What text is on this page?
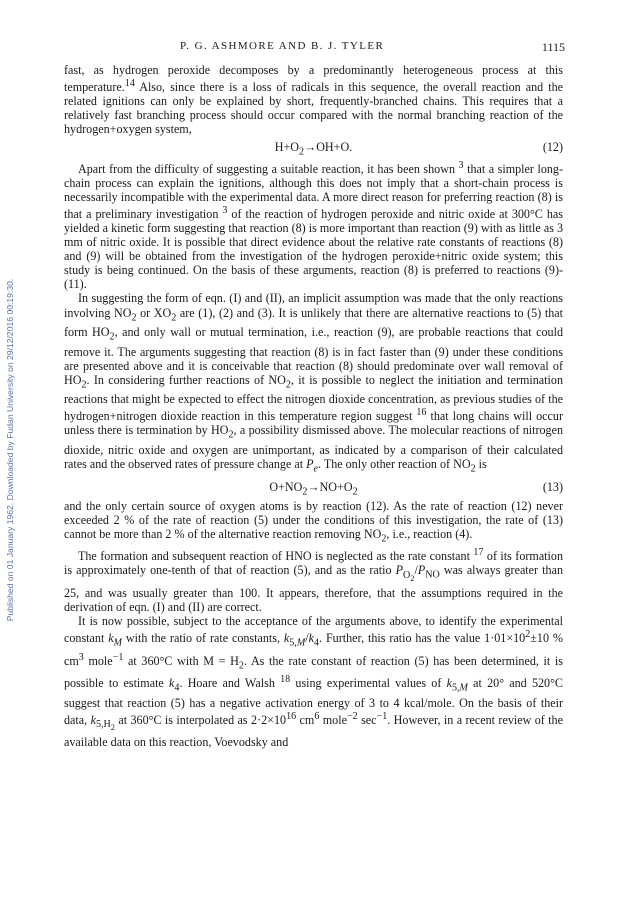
Published on 01 January 1962. Downloaded by Fudan University on 29/12/2016 00:19:30.
P. G. ASHMORE AND B. J. TYLER	1115

fast, as hydrogen peroxide decomposes by a predominantly heterogeneous process at this temperature.$^{14}$ Also, since there is a loss of radicals in this sequence, the overall reaction and the related ignitions can only be explained by short, frequently-branched chains. This requires that a relatively fast branching process should occur compared with the normal branching reaction of the hydrogen+oxygen system,

$H+O_2\to OH+O$.	(12)

Apart from the difficulty of suggesting a suitable reaction, it has been shown $^3$ that a simpler long-chain process can explain the ignitions, although this does not imply that a short-chain process is necessarily incompatible with the experimental data. A more direct reason for preferring reaction (8) is that a preliminary investigation $^3$ of the reaction of hydrogen peroxide and nitric oxide at 300°C has yielded a kinetic form suggesting that reaction (8) is more important than reaction (9) with as little as 3 mm of nitric oxide. It is possible that direct evidence about the relative rate constants of reactions (8) and (9) will be obtained from the investigation of the hydrogen peroxide+nitric oxide system; this study is being continued. On the basis of these arguments, reaction (8) is preferred to reactions (9)-(11).

In suggesting the form of eqn. (I) and (II), an implicit assumption was made that the only reactions involving $NO_2$ or $XO_2$ are (1), (2) and (3). It is unlikely that there are alternative reactions to (5) that form $HO_2$, and only wall or mutual termination, i.e., reaction (9), are probable reactions that could remove it. The arguments suggesting that reaction (8) is in fact faster than (9) under these conditions are presented above and it is conceivable that reaction (8) should predominate over wall removal of $HO_2$. In considering further reactions of $NO_2$, it is possible to neglect the initiation and termination reactions that might be expected to effect the nitrogen dioxide concentration, as previous studies of the hydrogen+nitrogen dioxide reaction in this temperature region suggest $^{16}$ that long chains will occur unless there is termination by $HO_2$, a possibility dismissed above. The molecular reactions of nitrogen dioxide, nitric oxide and oxygen are unimportant, as indicated by a comparison of their calculated rates and the observed rates of pressure change at $P_e$. The only other reaction of $NO_2$ is

$O+NO_2\to NO+O_2$	(13)

and the only certain source of oxygen atoms is by reaction (12). As the rate of reaction (12) never exceeded 2 % of the rate of reaction (5) under the conditions of this investigation, the rate of (13) cannot be more than 2 % of the alternative reaction removing $NO_2$, i.e., reaction (4).

The formation and subsequent reaction of HNO is neglected as the rate constant $^{17}$ of its formation is approximately one-tenth of that of reaction (5), and as the ratio $P_{O_2}/P_{NO}$ was always greater than 25, and was usually greater than 100. It appears, therefore, that the assumptions required in the derivation of eqn. (I) and (II) are correct.

It is now possible, subject to the acceptance of the arguments above, to identify the experimental constant $k_M$ with the ratio of rate constants, $k_{5,M}/k_4$. Further, this ratio has the value $1\cdot 01\times 10^2\pm 10$ % $cm^3$ mole$^{-1}$ at 360°C with $M = H_2$. As the rate constant of reaction (5) has been determined, it is possible to estimate $k_4$. Hoare and Walsh $^{18}$ using experimental values of $k_{5,M}$ at 20° and 520°C suggest that reaction (5) has a negative activation energy of 3 to 4 kcal/mole. On the basis of their data, $k_{5,H_2}$ at 360°C is interpolated as $2\cdot 2\times 10^{16}$ $cm^6$ mole$^{-2}$ $\sec^{-1}$. However, in a recent review of the available data on this reaction, Voevodsky and
